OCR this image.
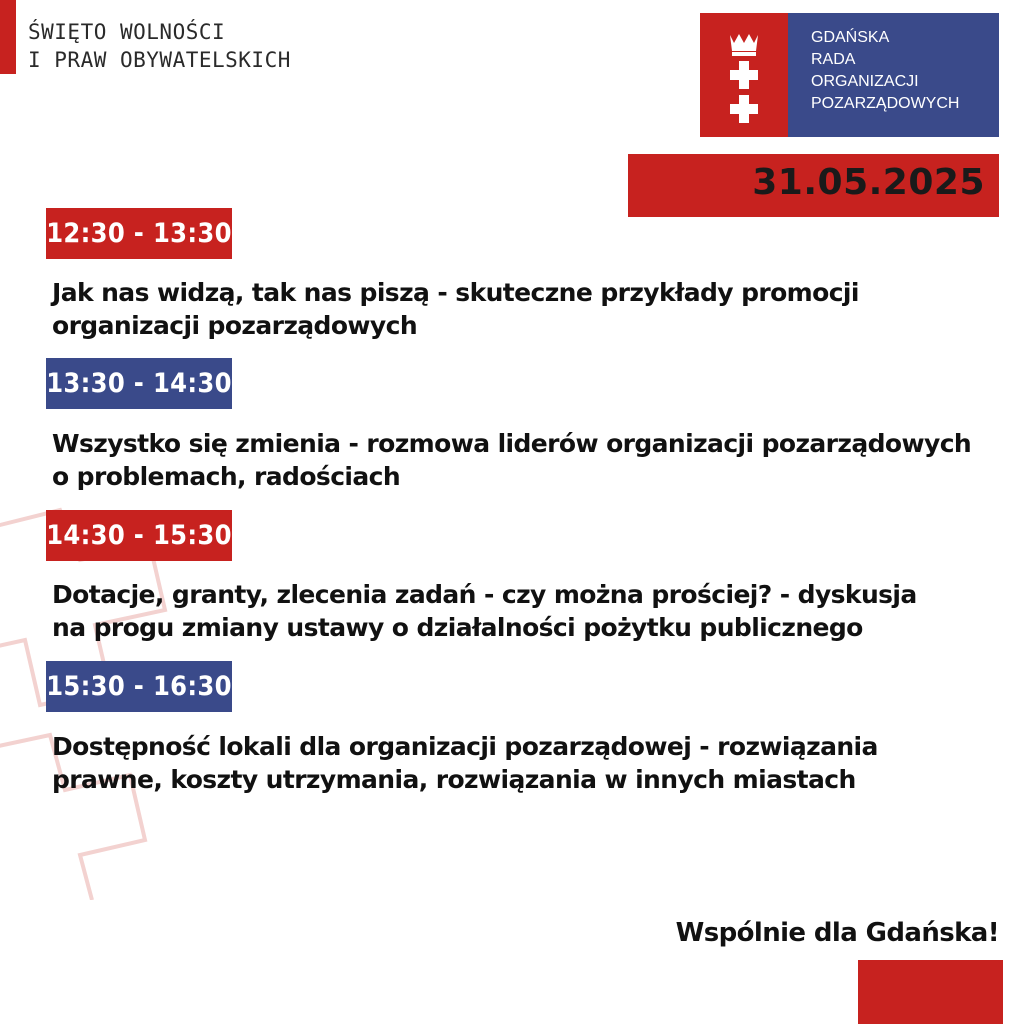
ŚWIĘTO WOLNOŚCI
I PRAW OBYWATELSKICH
GDAŃSKA
RADA
ORGANIZACJI
POZARZĄDOWYCH
31.05.2025
12:30 - 13:30
Jak nas widzą, tak nas piszą - skuteczne przykłady promocji
organizacji pozarządowych
13:30 - 14:30
Wszystko się zmienia - rozmowa liderów organizacji pozarządowych
o problemach, radościach
14:30 - 15:30
Dotacje, granty, zlecenia zadań - czy można prościej? - dyskusja
na progu zmiany ustawy o działalności pożytku publicznego
15:30 - 16:30
Dostępność lokali dla organizacji pozarządowej - rozwiązania
prawne, koszty utrzymania, rozwiązania w innych miastach
Wspólnie dla Gdańska!
